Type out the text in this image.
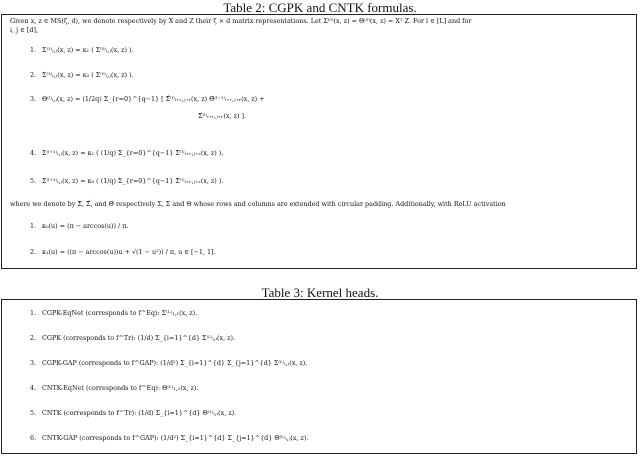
Table 2: CGPK and CNTK formulas.
Given x, z ∈ MS(ζ, d), we denote respectively by X and Z their ζ × d matrix representations. Let Σ⁽⁰⁾(x, z) = Θ⁽⁰⁾(x, z) = Xᵀ Z. For l ∈ [L] and for
i, j ∈ [d],
1. Σ⁽¹⁾ᵢ,ⱼ(x, z) = κ₁ ( Σ⁽⁰⁾ᵢ,ⱼ(x, z) ).
2. Σ̇⁽¹⁾ᵢ,ⱼ(x, z) = κ₀ ( Σ⁽⁰⁾ᵢ,ⱼ(x, z) ).
3. Θ⁽ˡ⁾ᵢ,ⱼ(x, z) = (1/2q) Σ_{r=0}^{q−1} [ Σ̃̇⁽ˡ⁾ᵢ₊ᵣ,ⱼ₊ᵣ(x, z) Θ̃⁽ˡ⁻¹⁾ᵢ₊ᵣ,ⱼ₊ᵣ(x, z) +
Σ̃⁽ˡ⁾ᵢ₊ᵣ,ⱼ₊ᵣ(x, z) ].
4. Σ⁽ˡ⁺¹⁾ᵢ,ⱼ(x, z) = κ₁ ( (1/q) Σ_{r=0}^{q−1} Σ̃⁽ˡ⁾ᵢ₊ᵣ,ⱼ₊ᵣ(x, z) ).
5. Σ̇⁽ˡ⁺¹⁾ᵢ,ⱼ(x, z) = κ₀ ( (1/q) Σ_{r=0}^{q−1} Σ̃⁽ˡ⁾ᵢ₊ᵣ,ⱼ₊ᵣ(x, z) ).
where we denote by Σ̃, Σ̃̇, and Θ̃ respectively Σ, Σ̇ and Θ whose rows and columns are extended with circular padding. Additionally, with ReLU activation
1. κ₀(u) = (π − arccos(u)) / π.
2. κ₁(u) = ((π − arccos(u))u + √(1 − u²)) / π, u ∈ [−1, 1].
Table 3: Kernel heads.
1. CGPK-EqNet (corresponds to f^Eq): Σ⁽ᴸ⁾₁,₁(x, z).
2. CGPK (corresponds to f^Tr): (1/d) Σ_{i=1}^{d} Σ⁽ᴸ⁾ᵢ,ᵢ(x, z).
3. CGPK-GAP (corresponds to f^GAP): (1/d²) Σ_{i=1}^{d} Σ_{j=1}^{d} Σ⁽ᴸ⁾ᵢ,ⱼ(x, z).
4. CNTK-EqNet (corresponds to f^Eq): Θ⁽ᴸ⁾₁,₁(x, z).
5. CNTK (corresponds to f^Tr): (1/d) Σ_{i=1}^{d} Θ⁽ᴸ⁾ᵢ,ᵢ(x, z).
6. CNTK-GAP (corresponds to f^GAP): (1/d²) Σ_{i=1}^{d} Σ_{j=1}^{d} Θ⁽ᴸ⁾ᵢ,ⱼ(x, z).
